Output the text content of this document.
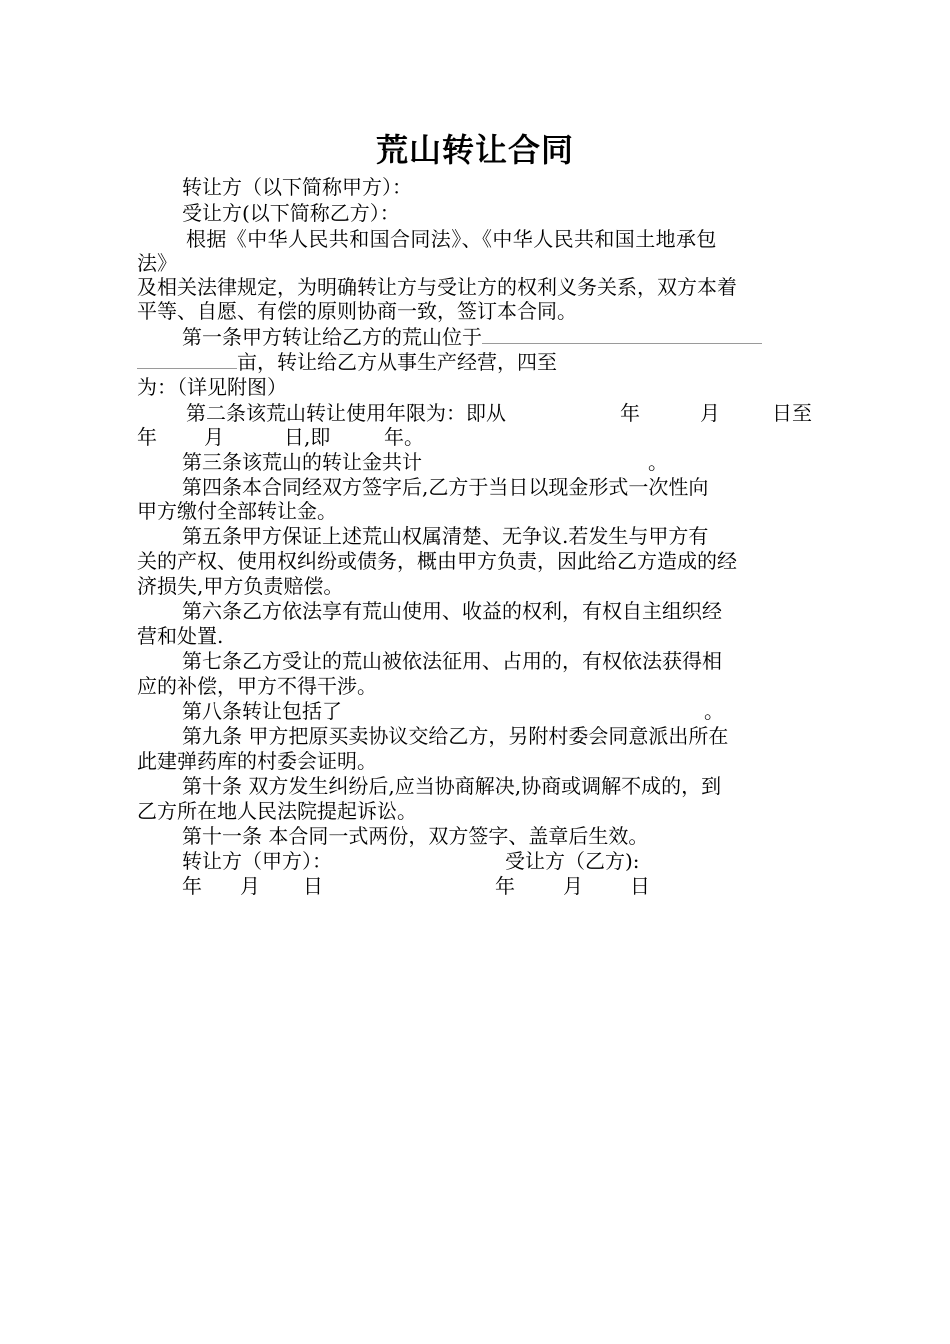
荒山转让合同
转让方（以下简称甲方）：
受让方(以下简称乙方）：
根据《中华人民共和国合同法》、《中华人民共和国土地承包
法》
及相关法律规定，为明确转让方与受让方的权利义务关系，双方本着
平等、自愿、有偿的原则协商一致，签订本合同。
第一条甲方转让给乙方的荒山位于
亩，转让给乙方从事生产经营，四至
为：（详见附图）
第二条该荒山转让使用年限为：即从	年	月	日至
年 月	日,即	年。
第三条该荒山的转让金共计	。
第四条本合同经双方签字后,乙方于当日以现金形式一次性向
甲方缴付全部转让金。
第五条甲方保证上述荒山权属清楚、无争议.若发生与甲方有
关的产权、使用权纠纷或债务，概由甲方负责，因此给乙方造成的经
济损失,甲方负责赔偿。
第六条乙方依法享有荒山使用、收益的权利，有权自主组织经
营和处置.
第七条乙方受让的荒山被依法征用、占用的，有权依法获得相
应的补偿，甲方不得干涉。
第八条转让包括了	。
第九条 甲方把原买卖协议交给乙方，另附村委会同意派出所在
此建弹药库的村委会证明。
第十条 双方发生纠纷后,应当协商解决,协商或调解不成的，到
乙方所在地人民法院提起诉讼。
第十一条 本合同一式两份，双方签字、盖章后生效。
转让方（甲方）：	受让方（乙方):
年 月 日	年 月 日
